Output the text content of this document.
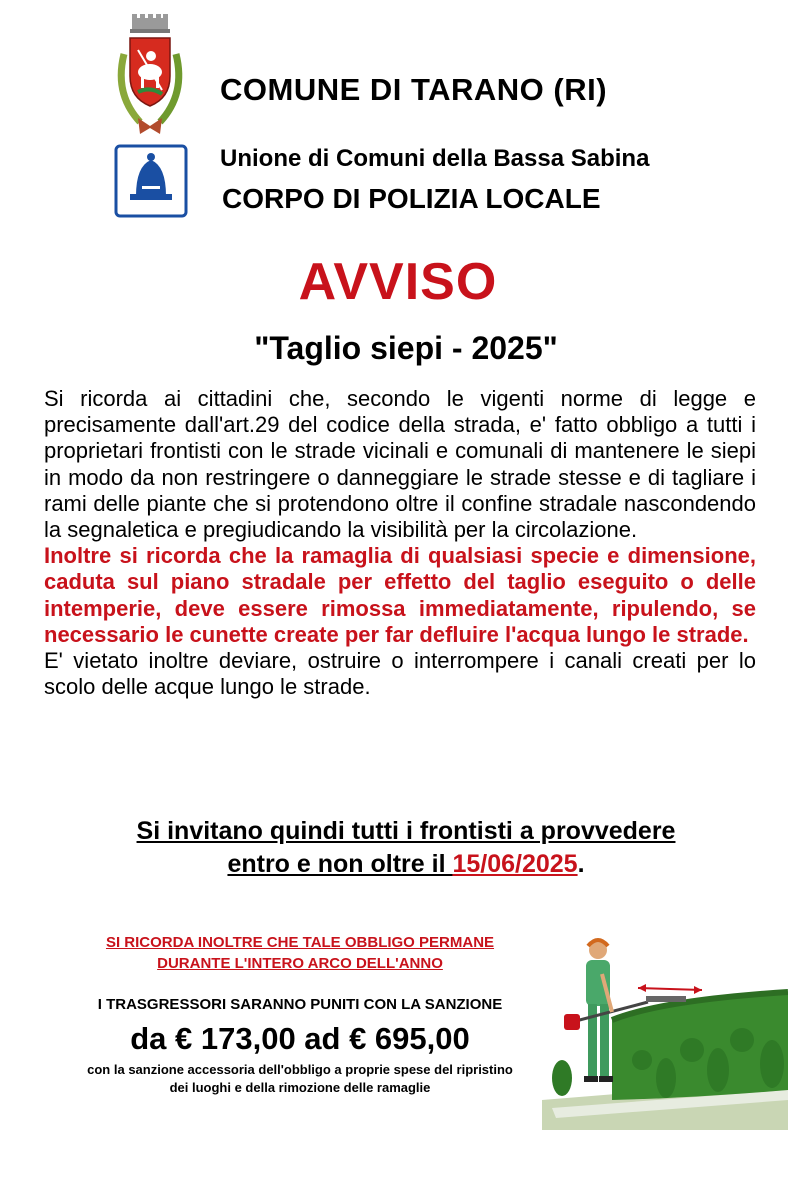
COMUNE DI TARANO (RI)
Unione di Comuni della Bassa Sabina
CORPO DI POLIZIA LOCALE
AVVISO
"Taglio siepi - 2025"

Si ricorda ai cittadini che, secondo le vigenti norme di legge e precisamente dall'art.29 del codice della strada, e' fatto obbligo a tutti i proprietari frontisti con le strade vicinali e comunali di mantenere le siepi in modo da non restringere o danneggiare le strade stesse e di tagliare i rami delle piante che si protendono oltre il confine stradale nascondendo la segnaletica e pregiudicando la visibilità per la circolazione.

Inoltre si ricorda che la ramaglia di qualsiasi specie e dimensione, caduta sul piano stradale per effetto del taglio eseguito o delle intemperie, deve essere rimossa immediatamente, ripulendo, se necessario le cunette create per far defluire l'acqua lungo le strade.

E' vietato inoltre deviare, ostruire o interrompere i canali creati per lo scolo delle acque lungo le strade.

Si invitano quindi tutti i frontisti a provvedere
entro e non oltre il 15/06/2025.
SI RICORDA INOLTRE CHE TALE OBBLIGO PERMANE DURANTE L'INTERO ARCO DELL'ANNO
I TRASGRESSORI SARANNO PUNITI CON LA SANZIONE
da € 173,00 ad € 695,00
con la sanzione accessoria dell'obbligo a proprie spese del ripristino dei luoghi e della rimozione delle ramaglie
